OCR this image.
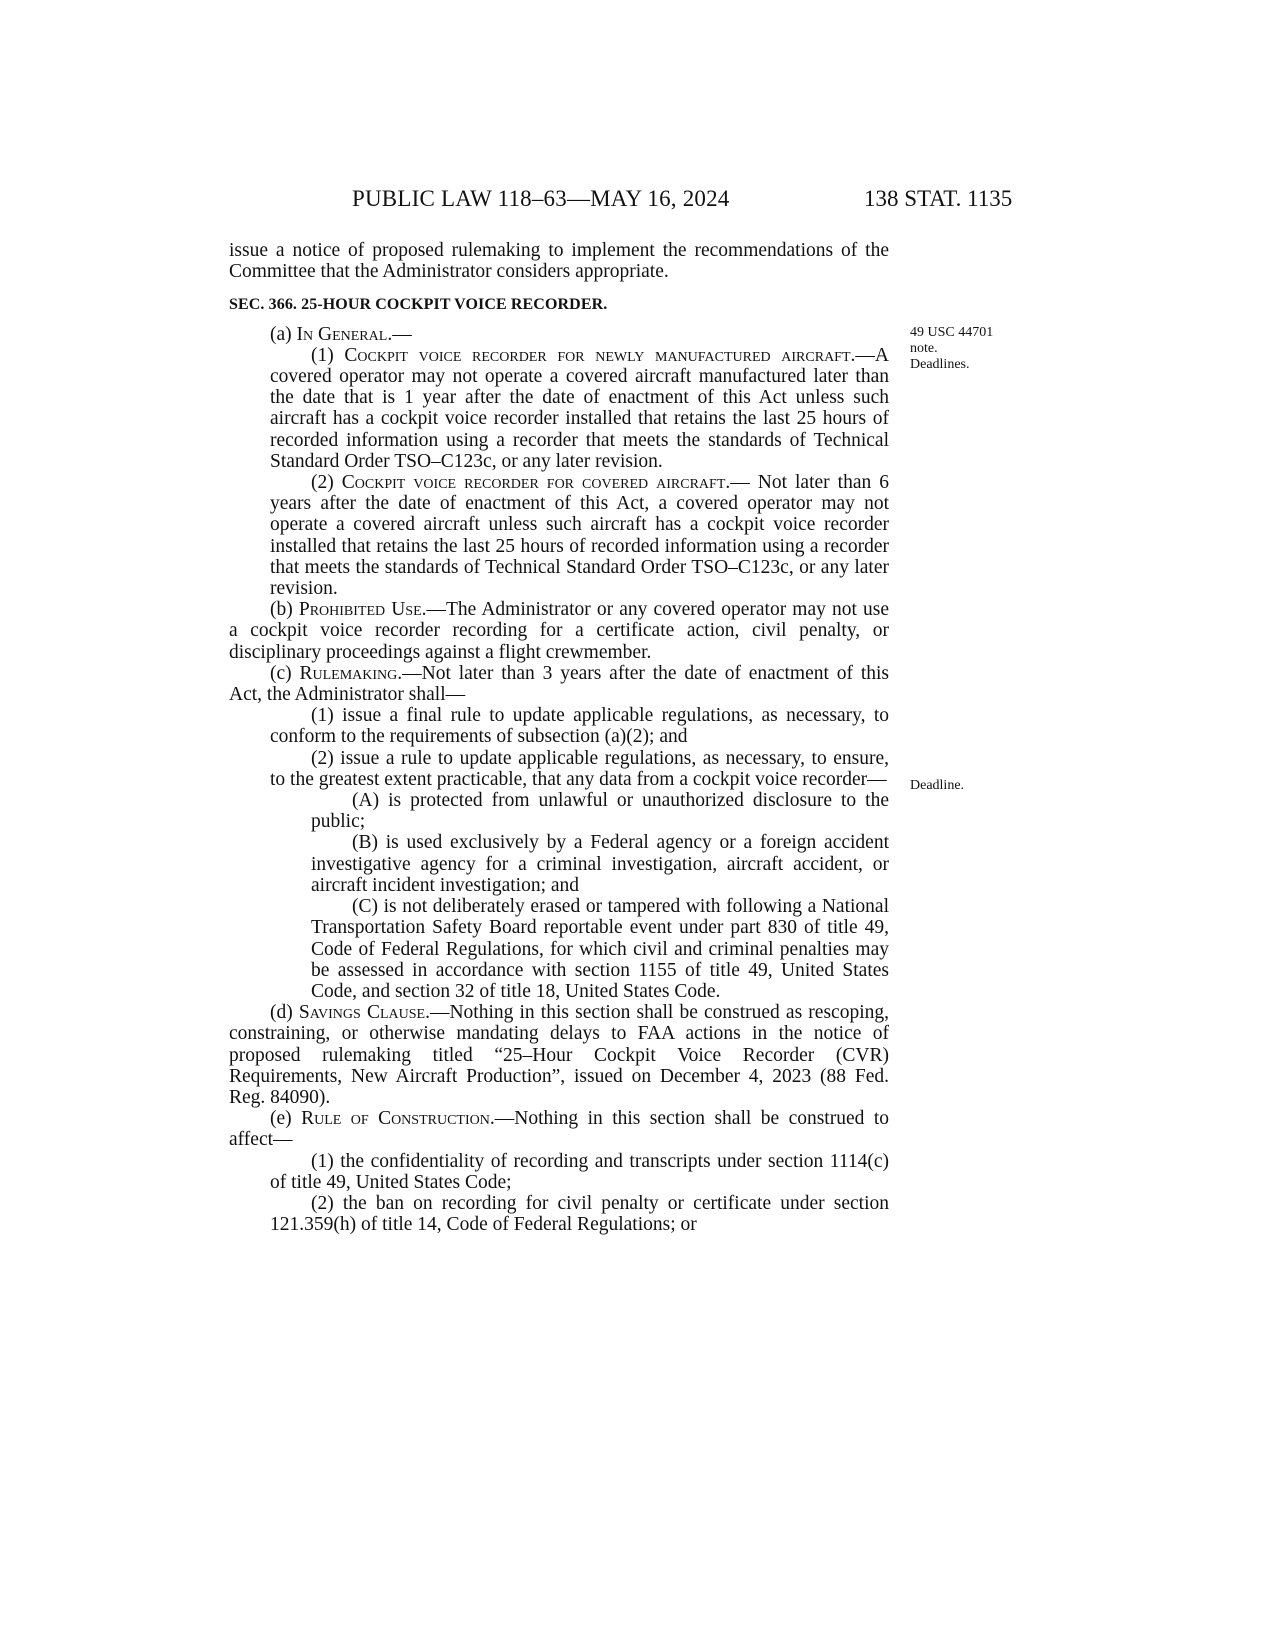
PUBLIC LAW 118–63—MAY 16, 2024	138 STAT. 1135
49 USC 44701
note.
Deadlines.
Deadline.

issue a notice of proposed rulemaking to implement the recommendations of the Committee that the Administrator considers appropriate.

SEC. 366. 25-HOUR COCKPIT VOICE RECORDER.

(a) In General.—

(1) Cockpit voice recorder for newly manufactured aircraft.—A covered operator may not operate a covered aircraft manufactured later than the date that is 1 year after the date of enactment of this Act unless such aircraft has a cockpit voice recorder installed that retains the last 25 hours of recorded information using a recorder that meets the standards of Technical Standard Order TSO–C123c, or any later revision.

(2) Cockpit voice recorder for covered aircraft.— Not later than 6 years after the date of enactment of this Act, a covered operator may not operate a covered aircraft unless such aircraft has a cockpit voice recorder installed that retains the last 25 hours of recorded information using a recorder that meets the standards of Technical Standard Order TSO–C123c, or any later revision.

(b) Prohibited Use.—The Administrator or any covered operator may not use a cockpit voice recorder recording for a certificate action, civil penalty, or disciplinary proceedings against a flight crewmember.

(c) Rulemaking.—Not later than 3 years after the date of enactment of this Act, the Administrator shall—

(1) issue a final rule to update applicable regulations, as necessary, to conform to the requirements of subsection (a)(2); and

(2) issue a rule to update applicable regulations, as necessary, to ensure, to the greatest extent practicable, that any data from a cockpit voice recorder—

(A) is protected from unlawful or unauthorized disclosure to the public;

(B) is used exclusively by a Federal agency or a foreign accident investigative agency for a criminal investigation, aircraft accident, or aircraft incident investigation; and

(C) is not deliberately erased or tampered with following a National Transportation Safety Board reportable event under part 830 of title 49, Code of Federal Regulations, for which civil and criminal penalties may be assessed in accordance with section 1155 of title 49, United States Code, and section 32 of title 18, United States Code.

(d) Savings Clause.—Nothing in this section shall be construed as rescoping, constraining, or otherwise mandating delays to FAA actions in the notice of proposed rulemaking titled “25–Hour Cockpit Voice Recorder (CVR) Requirements, New Aircraft Production”, issued on December 4, 2023 (88 Fed. Reg. 84090).

(e) Rule of Construction.—Nothing in this section shall be construed to affect—

(1) the confidentiality of recording and transcripts under section 1114(c) of title 49, United States Code;

(2) the ban on recording for civil penalty or certificate under section 121.359(h) of title 14, Code of Federal Regulations; or
